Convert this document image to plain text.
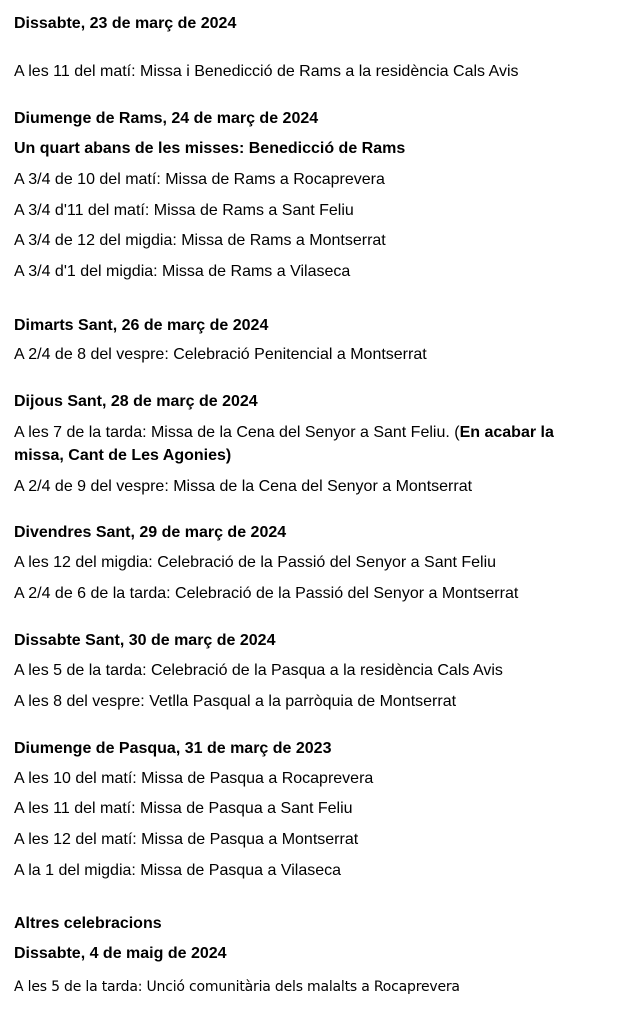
Dissabte, 23 de març de 2024
A les 11 del matí: Missa i Benedicció de Rams a la residència Cals Avis
Diumenge de Rams, 24 de març de 2024
Un quart abans de les misses: Benedicció de Rams
A 3/4 de 10 del matí: Missa de Rams a Rocaprevera
A 3/4 d'11 del matí: Missa de Rams a Sant Feliu
A 3/4 de 12 del migdia: Missa de Rams a Montserrat
A 3/4 d'1 del migdia: Missa de Rams a Vilaseca
Dimarts Sant, 26 de març de 2024
A 2/4 de 8 del vespre: Celebració Penitencial a Montserrat
Dijous Sant, 28 de març de 2024
A les 7 de la tarda: Missa de la Cena del Senyor a Sant Feliu. (En acabar la
missa, Cant de Les Agonies)
A 2/4 de 9 del vespre: Missa de la Cena del Senyor a Montserrat
Divendres Sant, 29 de març de 2024
A les 12 del migdia: Celebració de la Passió del Senyor a Sant Feliu
A 2/4 de 6 de la tarda: Celebració de la Passió del Senyor a Montserrat
Dissabte Sant, 30 de març de 2024
A les 5 de la tarda: Celebració de la Pasqua a la residència Cals Avis
A les 8 del vespre: Vetlla Pasqual a la parròquia de Montserrat
Diumenge de Pasqua, 31 de març de 2023
A les 10 del matí: Missa de Pasqua a Rocaprevera
A les 11 del matí: Missa de Pasqua a Sant Feliu
A les 12 del matí: Missa de Pasqua a Montserrat
A la 1 del migdia: Missa de Pasqua a Vilaseca
Altres celebracions
Dissabte, 4 de maig de 2024
A les 5 de la tarda: Unció comunitària dels malalts a Rocaprevera
